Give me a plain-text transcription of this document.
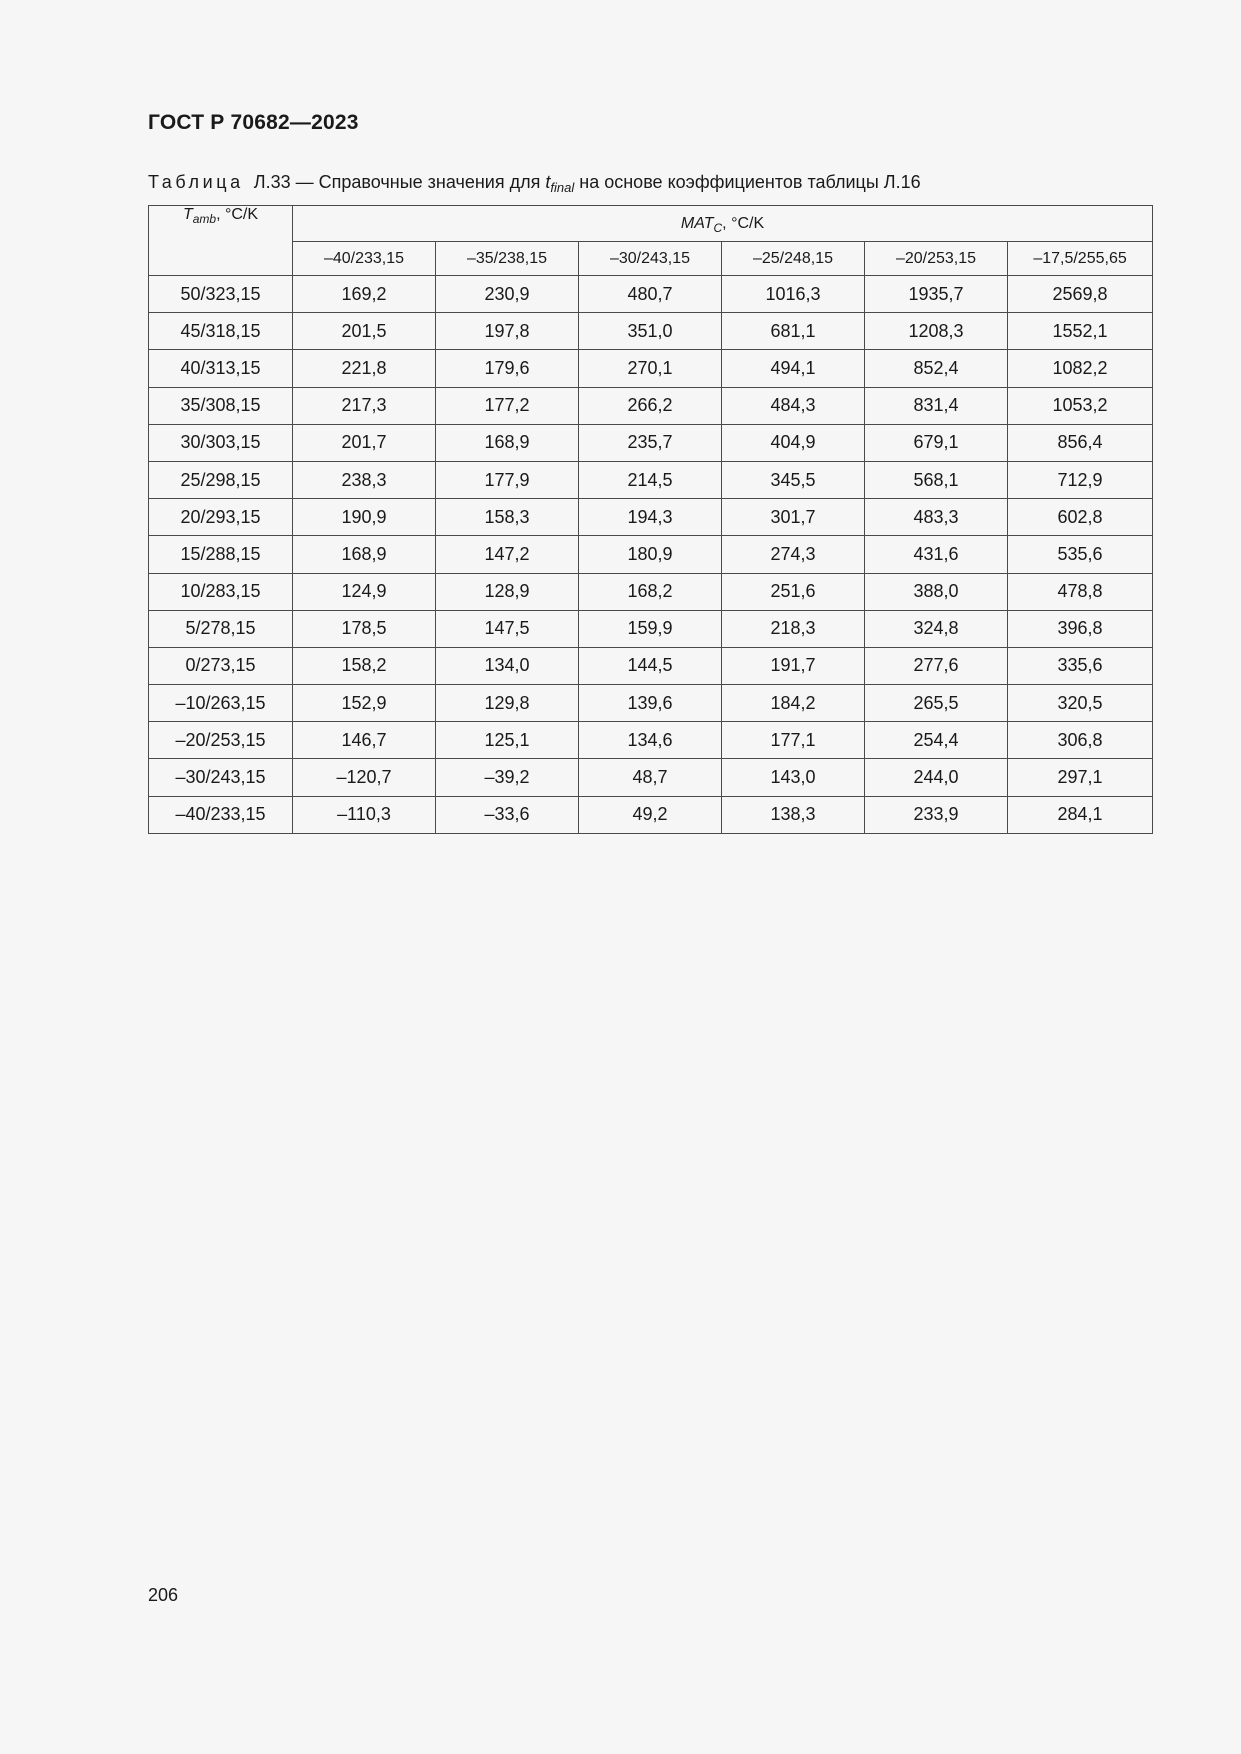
ГОСТ Р 70682—2023
Таблица Л.33 — Справочные значения для $t_{final}$ на основе коэффициентов таблицы Л.16
$T_{amb}$, °C/K	$MAT_C$, °C/K					
	–40/233,15	–35/238,15	–30/243,15	–25/248,15	–20/253,15	–17,5/255,65
50/323,15	169,2	230,9	480,7	1016,3	1935,7	2569,8
45/318,15	201,5	197,8	351,0	681,1	1208,3	1552,1
40/313,15	221,8	179,6	270,1	494,1	852,4	1082,2
35/308,15	217,3	177,2	266,2	484,3	831,4	1053,2
30/303,15	201,7	168,9	235,7	404,9	679,1	856,4
25/298,15	238,3	177,9	214,5	345,5	568,1	712,9
20/293,15	190,9	158,3	194,3	301,7	483,3	602,8
15/288,15	168,9	147,2	180,9	274,3	431,6	535,6
10/283,15	124,9	128,9	168,2	251,6	388,0	478,8
5/278,15	178,5	147,5	159,9	218,3	324,8	396,8
0/273,15	158,2	134,0	144,5	191,7	277,6	335,6
–10/263,15	152,9	129,8	139,6	184,2	265,5	320,5
–20/253,15	146,7	125,1	134,6	177,1	254,4	306,8
–30/243,15	–120,7	–39,2	48,7	143,0	244,0	297,1
–40/233,15	–110,3	–33,6	49,2	138,3	233,9	284,1
206
